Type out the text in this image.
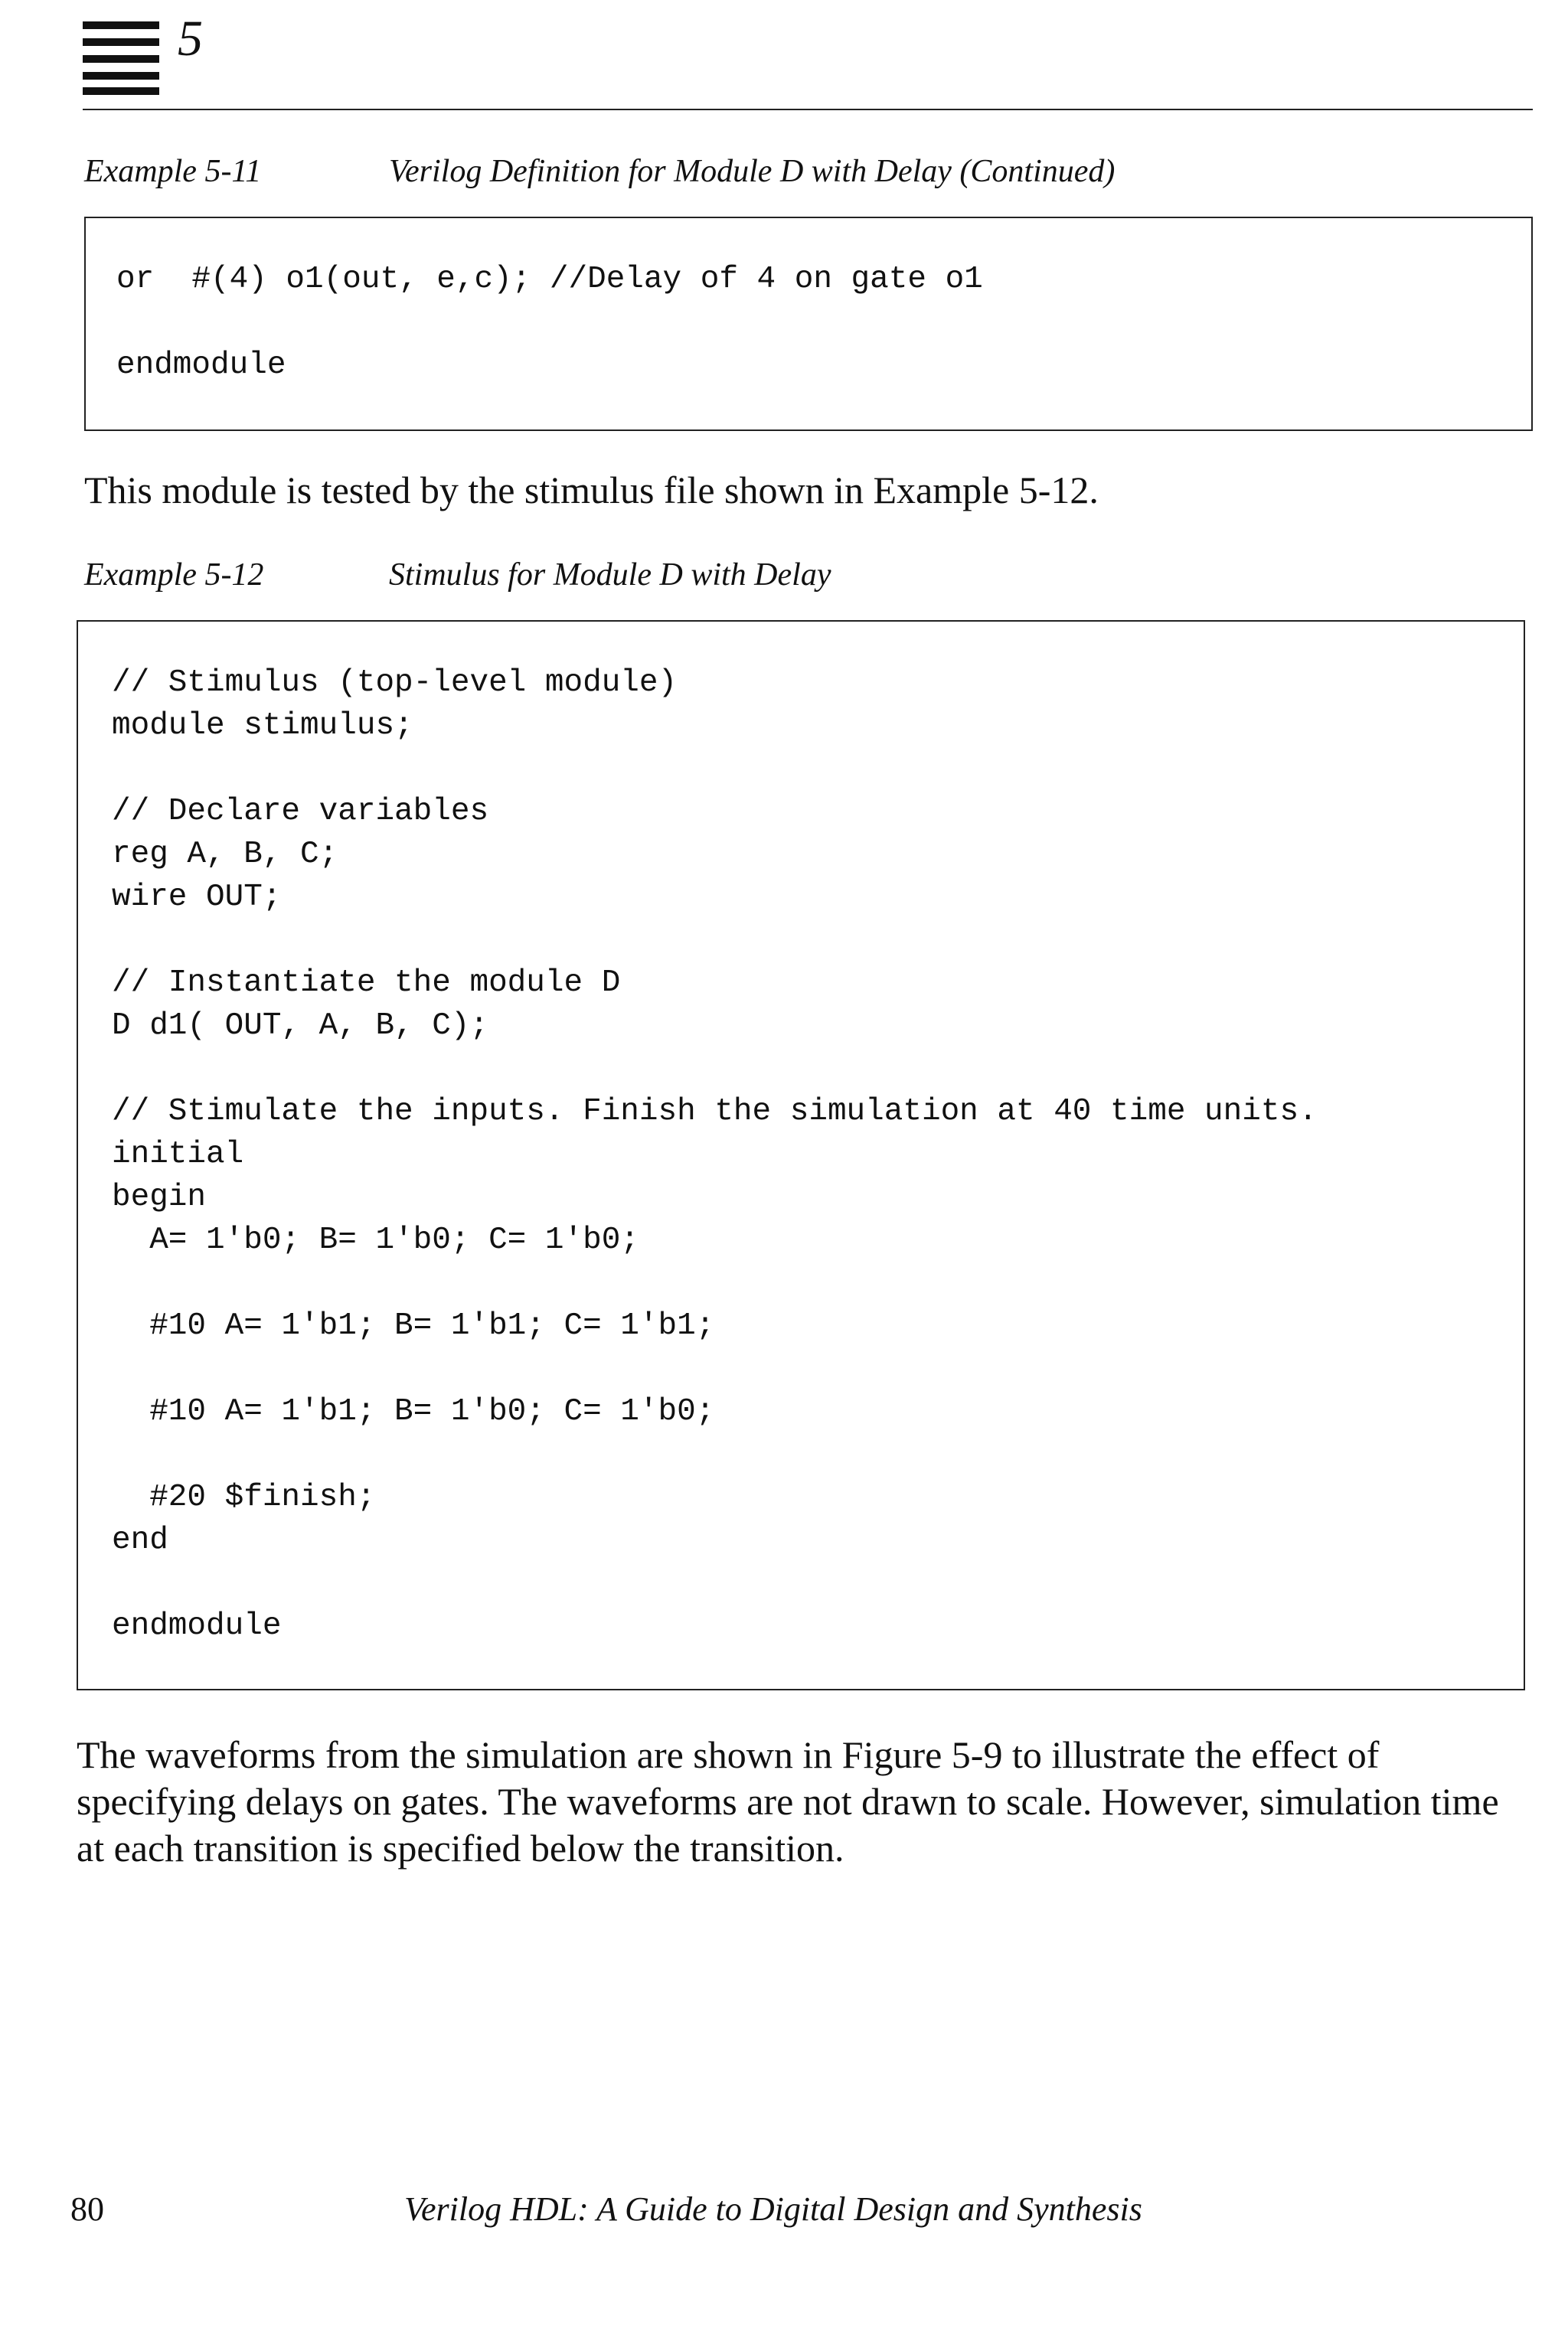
5
Example 5-11	Verilog Definition for Module D with Delay (Continued)
or  #(4) o1(out, e,c); //Delay of 4 on gate o1

endmodule

This module is tested by the stimulus file shown in Example 5-12.

Example 5-12	Stimulus for Module D with Delay
// Stimulus (top-level module)
module stimulus;

// Declare variables
reg A, B, C;
wire OUT;

// Instantiate the module D
D d1( OUT, A, B, C);

// Stimulate the inputs. Finish the simulation at 40 time units.
initial
begin
A= 1'b0; B= 1'b0; C= 1'b0;

#10 A= 1'b1; B= 1'b1; C= 1'b1;

#10 A= 1'b1; B= 1'b0; C= 1'b0;

#20 $finish;
end

endmodule

The waveforms from the simulation are shown in Figure 5-9 to illustrate the effect of specifying delays on gates. The waveforms are not drawn to scale. However, simulation time at each transition is specified below the transition.

80	Verilog HDL: A Guide to Digital Design and Synthesis
